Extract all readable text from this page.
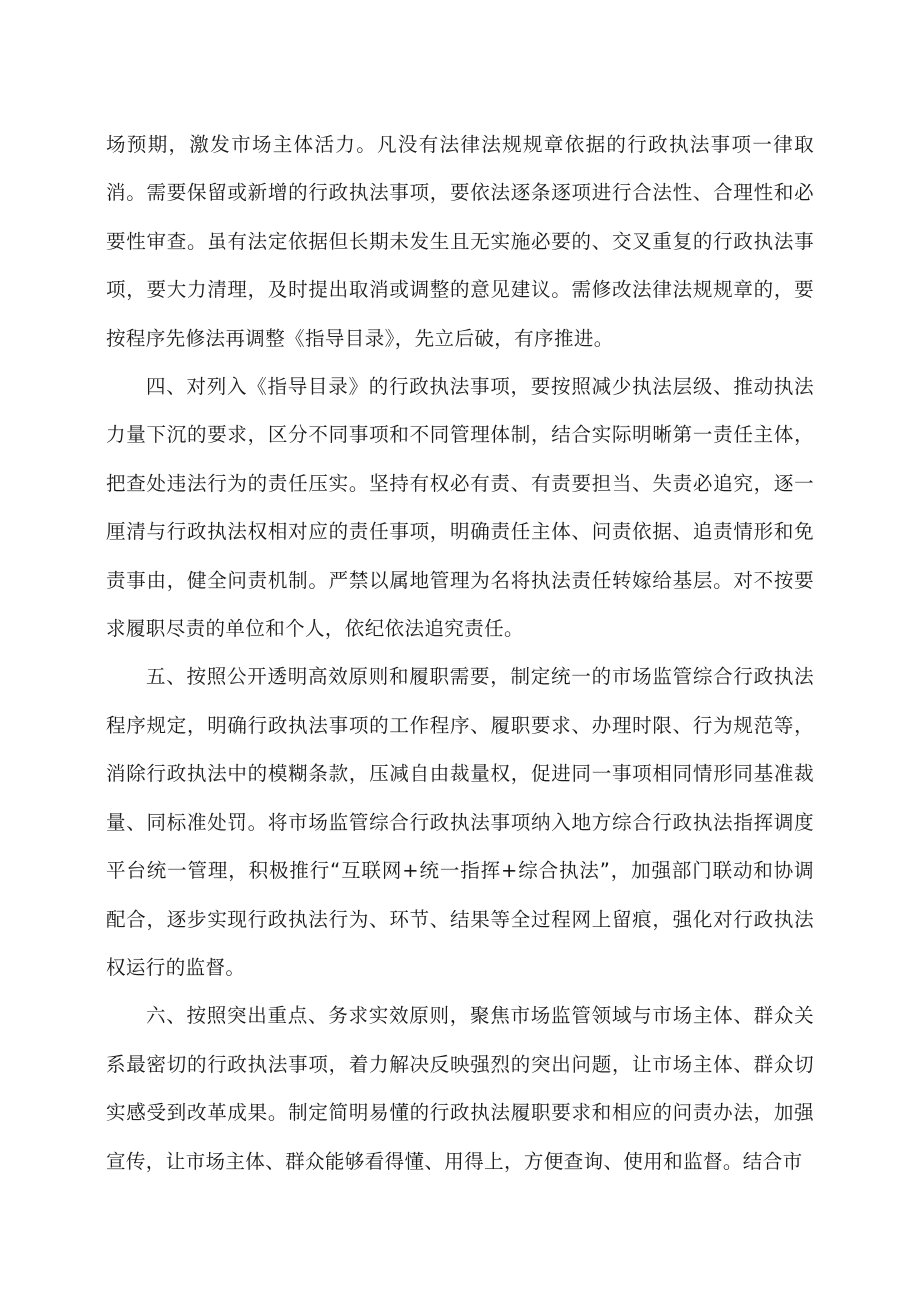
场预期，激发市场主体活力。凡没有法律法规规章依据的行政执法事项一律取消。需要保留或新增的行政执法事项，要依法逐条逐项进行合法性、合理性和必要性审查。虽有法定依据但长期未发生且无实施必要的、交叉重复的行政执法事项，要大力清理，及时提出取消或调整的意见建议。需修改法律法规规章的，要按程序先修法再调整《指导目录》，先立后破，有序推进。

四、对列入《指导目录》的行政执法事项，要按照减少执法层级、推动执法力量下沉的要求，区分不同事项和不同管理体制，结合实际明晰第一责任主体，把查处违法行为的责任压实。坚持有权必有责、有责要担当、失责必追究，逐一厘清与行政执法权相对应的责任事项，明确责任主体、问责依据、追责情形和免责事由，健全问责机制。严禁以属地管理为名将执法责任转嫁给基层。对不按要求履职尽责的单位和个人，依纪依法追究责任。

五、按照公开透明高效原则和履职需要，制定统一的市场监管综合行政执法程序规定，明确行政执法事项的工作程序、履职要求、办理时限、行为规范等，消除行政执法中的模糊条款，压减自由裁量权，促进同一事项相同情形同基准裁量、同标准处罚。将市场监管综合行政执法事项纳入地方综合行政执法指挥调度平台统一管理，积极推行“互联网+统一指挥+综合执法”，加强部门联动和协调配合，逐步实现行政执法行为、环节、结果等全过程网上留痕，强化对行政执法权运行的监督。

六、按照突出重点、务求实效原则，聚焦市场监管领域与市场主体、群众关系最密切的行政执法事项，着力解决反映强烈的突出问题，让市场主体、群众切实感受到改革成果。制定简明易懂的行政执法履职要求和相应的问责办法，加强宣传，让市场主体、群众能够看得懂、用得上，方便查询、使用和监督。结合市
